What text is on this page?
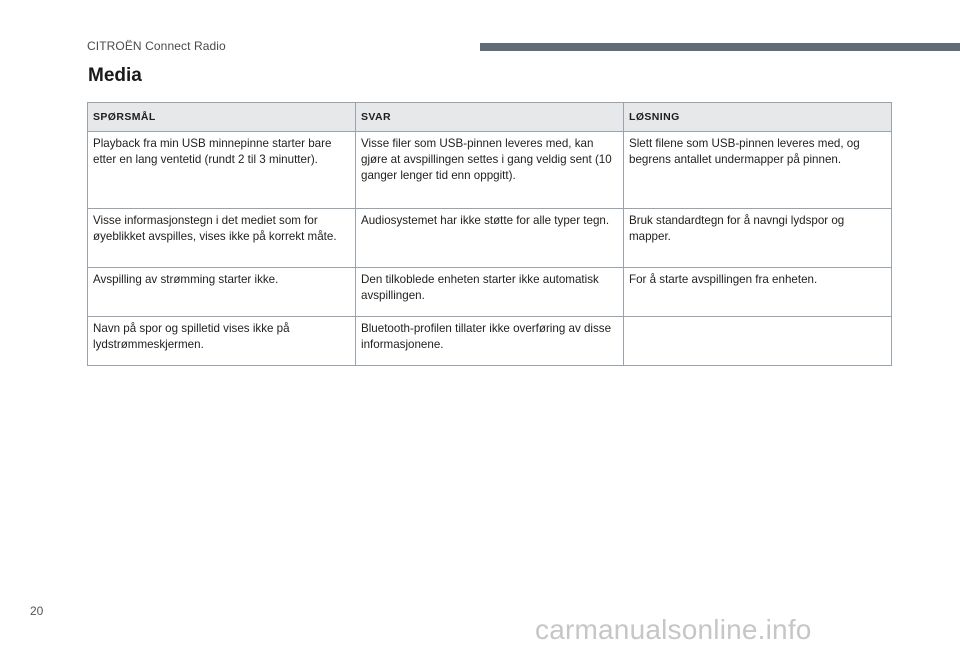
CITROËN Connect Radio
Media
SPØRSMÅL	SVAR	LØSNING
Playback fra min USB minnepinne starter bare etter en lang ventetid (rundt 2 til 3 minutter).	Visse filer som USB-pinnen leveres med, kan gjøre at avspillingen settes i gang veldig sent (10 ganger lenger tid enn oppgitt).	Slett filene som USB-pinnen leveres med, og begrens antallet undermapper på pinnen.
Visse informasjonstegn i det mediet som for øyeblikket avspilles, vises ikke på korrekt måte.	Audiosystemet har ikke støtte for alle typer tegn.	Bruk standardtegn for å navngi lydspor og mapper.
Avspilling av strømming starter ikke.	Den tilkoblede enheten starter ikke automatisk avspillingen.	For å starte avspillingen fra enheten.
Navn på spor og spilletid vises ikke på lydstrømmeskjermen.	Bluetooth-profilen tillater ikke overføring av disse informasjonene.	
20
carmanualsonline.info
